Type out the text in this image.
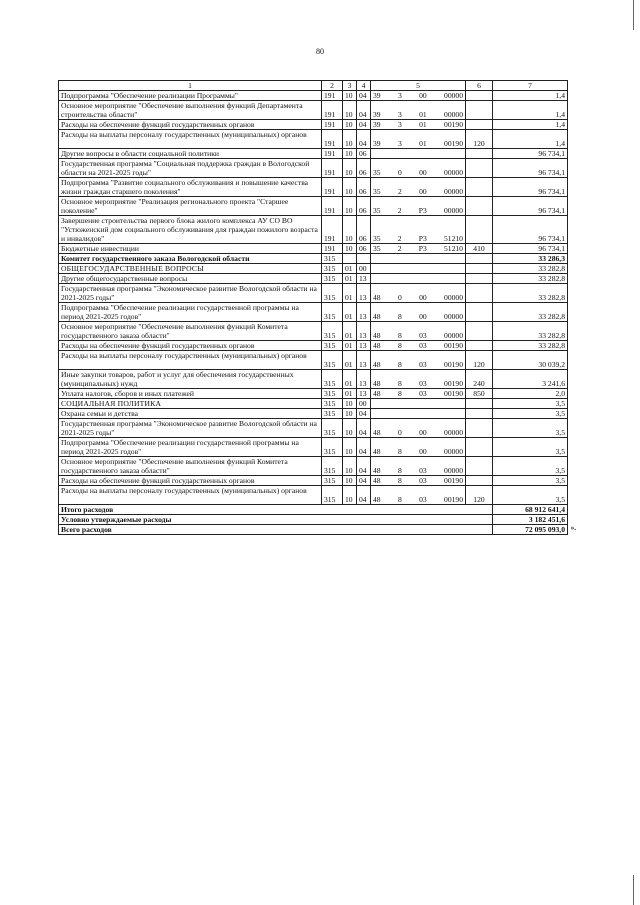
80
1	2	3	4	5	6	7
Подпрограмма "Обеспечение реализации Программы"	191	10	04	39 3 00 00000		1,4
Основное мероприятие "Обеспечение выполнения функций Департамента строительства области"	191	10	04	39 3 01 00000		1,4
Расходы на обеспечение функций государственных органов	191	10	04	39 3 01 00190		1,4
Расходы на выплаты персоналу государственных (муниципальных) органов	191	10	04	39 3 01 00190	120	1,4
Другие вопросы в области социальной политики	191	10	06			96 734,1
Государственная программа "Социальная поддержка граждан в Вологодской области на 2021-2025 годы"	191	10	06	35 0 00 00000		96 734,1
Подпрограмма "Развитие социального обслуживания и повышение качества жизни граждан старшего поколения"	191	10	06	35 2 00 00000		96 734,1
Основное мероприятие "Реализация регионального проекта "Старшее поколение"	191	10	06	35 2 P3 00000		96 734,1
Завершение строительства первого блока жилого комплекса АУ СО ВО "Устюженский дом социального обслуживания для граждан пожилого возраста и инвалидов"	191	10	06	35 2 P3 51210		96 734,1
Бюджетные инвестиции	191	10	06	35 2 P3 51210	410	96 734,1
Комитет государственного заказа Вологодской области	315					33 286,3
ОБЩЕГОСУДАРСТВЕННЫЕ ВОПРОСЫ	315	01	00			33 282,8
Другие общегосударственные вопросы	315	01	13			33 282,8
Государственная программа "Экономическое развитие Вологодской области на 2021-2025 годы"	315	01	13	48 0 00 00000		33 282,8
Подпрограмма "Обеспечение реализации государственной программы на период 2021-2025 годов"	315	01	13	48 8 00 00000		33 282,8
Основное мероприятие "Обеспечение выполнения функций Комитета государственного заказа области"	315	01	13	48 8 03 00000		33 282,8
Расходы на обеспечение функций государственных органов	315	01	13	48 8 03 00190		33 282,8
Расходы на выплаты персоналу государственных (муниципальных) органов	315	01	13	48 8 03 00190	120	30 039,2
Иные закупки товаров, работ и услуг для обеспечения государственных (муниципальных) нужд	315	01	13	48 8 03 00190	240	3 241,6
Уплата налогов, сборов и иных платежей	315	01	13	48 8 03 00190	850	2,0
СОЦИАЛЬНАЯ ПОЛИТИКА	315	10	00			3,5
Охрана семьи и детства	315	10	04			3,5
Государственная программа "Экономическое развитие Вологодской области на 2021-2025 годы"	315	10	04	48 0 00 00000		3,5
Подпрограмма "Обеспечение реализации государственной программы на период 2021-2025 годов"	315	10	04	48 8 00 00000		3,5
Основное мероприятие "Обеспечение выполнения функций Комитета государственного заказа области"	315	10	04	48 8 03 00000		3,5
Расходы на обеспечение функций государственных органов	315	10	04	48 8 03 00190		3,5
Расходы на выплаты персоналу государственных (муниципальных) органов	315	10	04	48 8 03 00190	120	3,5
Итого расходов						68 912 641,4
Условно утверждаемые расходы						3 182 451,6
Всего расходов						72 095 093,0 ».
